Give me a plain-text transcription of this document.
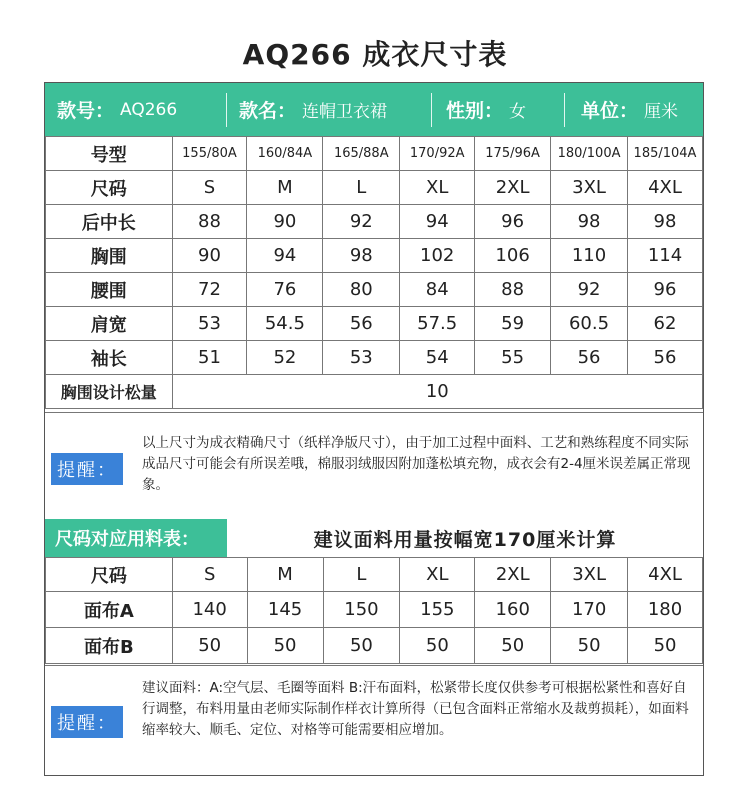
AQ266 成衣尺寸表
款号： AQ266	款名： 连帽卫衣裙	性别： 女	单位： 厘米
号型	155/80A	160/84A	165/88A	170/92A	175/96A	180/100A	185/104A
尺码	S	M	L	XL	2XL	3XL	4XL
后中长	88	90	92	94	96	98	98
胸围	90	94	98	102	106	110	114
腰围	72	76	80	84	88	92	96
肩宽	53	54.5	56	57.5	59	60.5	62
袖长	51	52	53	54	55	56	56
胸围设计松量	10						
提醒：
以上尺寸为成衣精确尺寸（纸样净版尺寸），由于加工过程中面料、工艺和熟练程度不同实际成品尺寸可能会有所误差哦，棉服羽绒服因附加蓬松填充物，成衣会有2-4厘米误差属正常现象。
尺码对应用料表：	建议面料用量按幅宽170厘米计算
尺码	S	M	L	XL	2XL	3XL	4XL
面布A	140	145	150	155	160	170	180
面布B	50	50	50	50	50	50	50
提醒：
建议面料：A:空气层、毛圈等面料 B:汗布面料，松紧带长度仅供参考可根据松紧性和喜好自行调整，布料用量由老师实际制作样衣计算所得（已包含面料正常缩水及裁剪损耗），如面料缩率较大、顺毛、定位、对格等可能需要相应增加。
